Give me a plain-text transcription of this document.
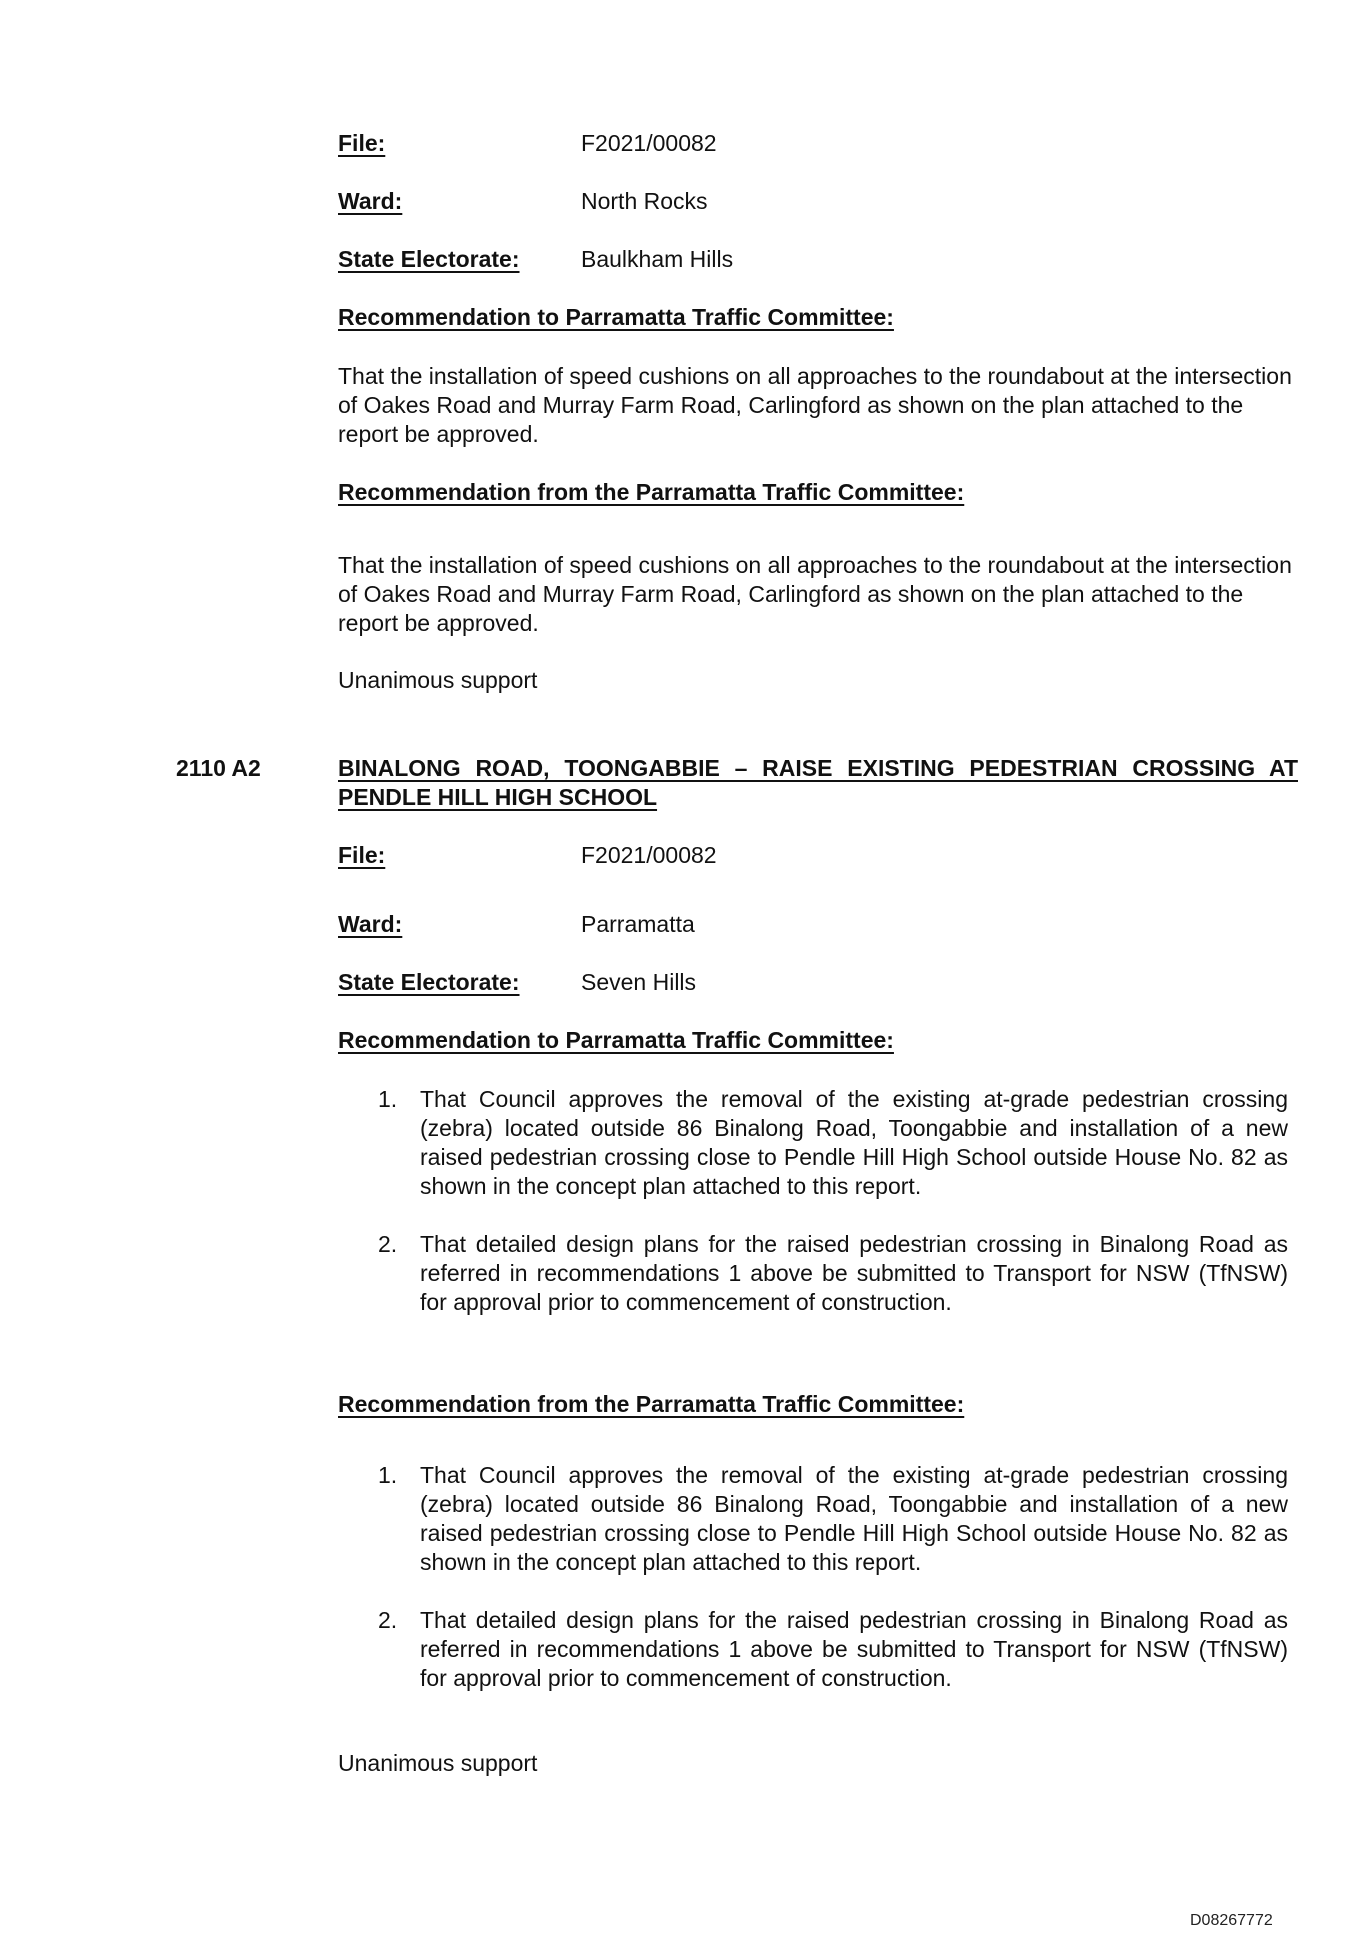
File:	F2021/00082
Ward:	North Rocks
State Electorate:	Baulkham Hills
Recommendation to Parramatta Traffic Committee:
That the installation of speed cushions on all approaches to the roundabout at the intersection of Oakes Road and Murray Farm Road, Carlingford as shown on the plan attached to the report be approved.
Recommendation from the Parramatta Traffic Committee:
That the installation of speed cushions on all approaches to the roundabout at the intersection of Oakes Road and Murray Farm Road, Carlingford as shown on the plan attached to the report be approved.
Unanimous support
2110 A2	BINALONG ROAD, TOONGABBIE – RAISE EXISTING PEDESTRIAN CROSSING AT PENDLE HILL HIGH SCHOOL
File:	F2021/00082
Ward:	Parramatta
State Electorate:	Seven Hills
Recommendation to Parramatta Traffic Committee:
1. That Council approves the removal of the existing at-grade pedestrian crossing (zebra) located outside 86 Binalong Road, Toongabbie and installation of a new raised pedestrian crossing close to Pendle Hill High School outside House No. 82 as shown in the concept plan attached to this report.
2. That detailed design plans for the raised pedestrian crossing in Binalong Road as referred in recommendations 1 above be submitted to Transport for NSW (TfNSW) for approval prior to commencement of construction.
Recommendation from the Parramatta Traffic Committee:
1. That Council approves the removal of the existing at-grade pedestrian crossing (zebra) located outside 86 Binalong Road, Toongabbie and installation of a new raised pedestrian crossing close to Pendle Hill High School outside House No. 82 as shown in the concept plan attached to this report.
2. That detailed design plans for the raised pedestrian crossing in Binalong Road as referred in recommendations 1 above be submitted to Transport for NSW (TfNSW) for approval prior to commencement of construction.
Unanimous support
D08267772
